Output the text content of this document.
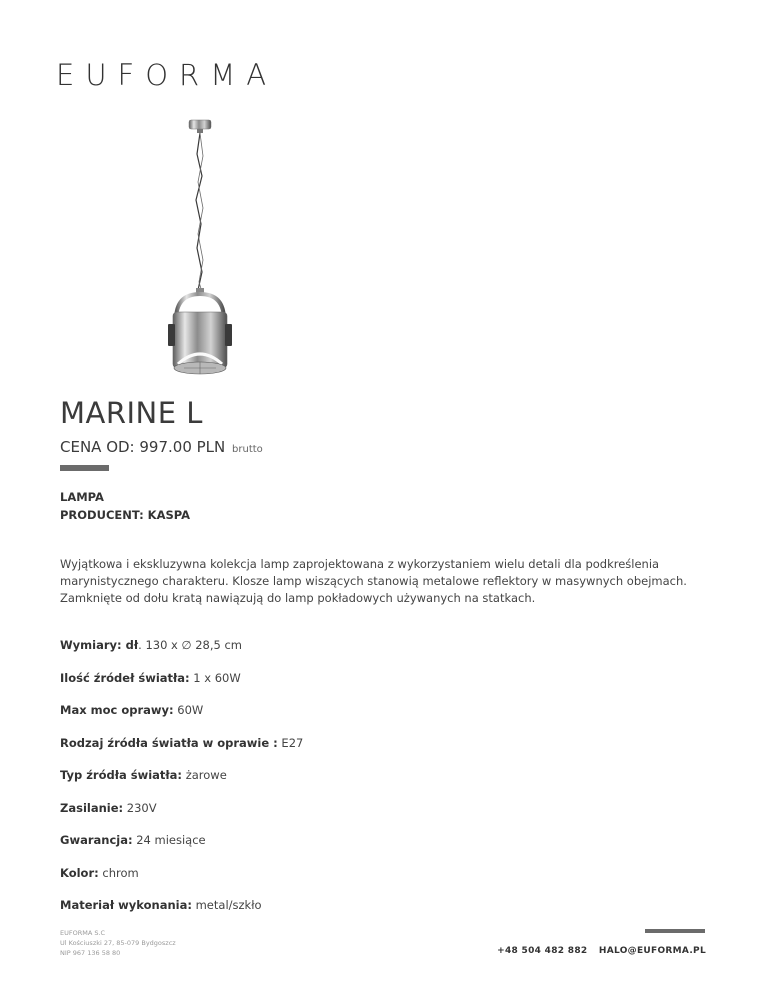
EUFORMA
MARINE L
CENA OD: 997.00 PLN brutto
LAMPA
PRODUCENT: KASPA

Wyjątkowa i ekskluzywna kolekcja lamp zaprojektowana z wykorzystaniem wielu detali dla podkreślenia marynistycznego charakteru. Klosze lamp wiszących stanowią metalowe reflektory w masywnych obejmach. Zamknięte od dołu kratą nawiązują do lamp pokładowych używanych na statkach.

Wymiary: dł. 130 x ∅ 28,5 cm
Ilość źródeł światła: 1 x 60W
Max moc oprawy: 60W
Rodzaj źródła światła w oprawie : E27
Typ źródła światła: żarowe
Zasilanie: 230V
Gwarancja: 24 miesiące
Kolor: chrom
Materiał wykonania: metal/szkło
EUFORMA S.C
Ul Kościuszki 27, 85-079 Bydgoszcz
NIP 967 136 58 80	+48 504 482 882 HALO@EUFORMA.PL
